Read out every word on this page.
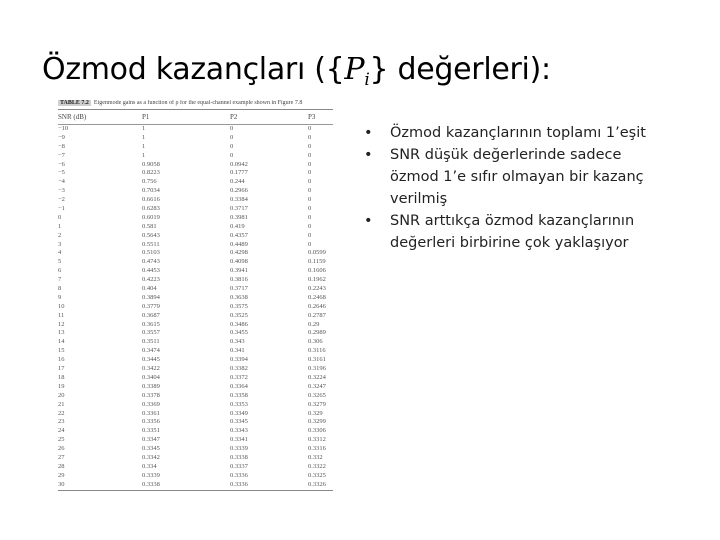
Özmod kazançları ($\{P_i\}$ değerleri):
TABLE 7.2 Eigenmode gains as a function of ρ for the equal-channel example shown in Figure 7.8
SNR (dB)	P1	P2	P3
−10	1	0	0
−9	1	0	0
−8	1	0	0
−7	1	0	0
−6	0.9058	0.0942	0
−5	0.8223	0.1777	0
−4	0.756	0.244	0
−3	0.7034	0.2966	0
−2	0.6616	0.3384	0
−1	0.6283	0.3717	0
0	0.6019	0.3981	0
1	0.581	0.419	0
2	0.5643	0.4357	0
3	0.5511	0.4489	0
4	0.5103	0.4298	0.0599
5	0.4743	0.4098	0.1159
6	0.4453	0.3941	0.1606
7	0.4223	0.3816	0.1962
8	0.404	0.3717	0.2243
9	0.3894	0.3638	0.2468
10	0.3779	0.3575	0.2646
11	0.3687	0.3525	0.2787
12	0.3615	0.3486	0.29
13	0.3557	0.3455	0.2989
14	0.3511	0.343	0.306
15	0.3474	0.341	0.3116
16	0.3445	0.3394	0.3161
17	0.3422	0.3382	0.3196
18	0.3404	0.3372	0.3224
19	0.3389	0.3364	0.3247
20	0.3378	0.3358	0.3265
21	0.3369	0.3353	0.3279
22	0.3361	0.3349	0.329
23	0.3356	0.3345	0.3299
24	0.3351	0.3343	0.3306
25	0.3347	0.3341	0.3312
26	0.3345	0.3339	0.3316
27	0.3342	0.3338	0.332
28	0.334	0.3337	0.3322
29	0.3339	0.3336	0.3325
30	0.3338	0.3336	0.3326
• Özmod kazançlarının toplamı 1’eşit
• SNR düşük değerlerinde sadece özmod 1’e sıfır olmayan bir kazanç verilmiş
• SNR arttıkça özmod kazançlarının değerleri birbirine çok yaklaşıyor
